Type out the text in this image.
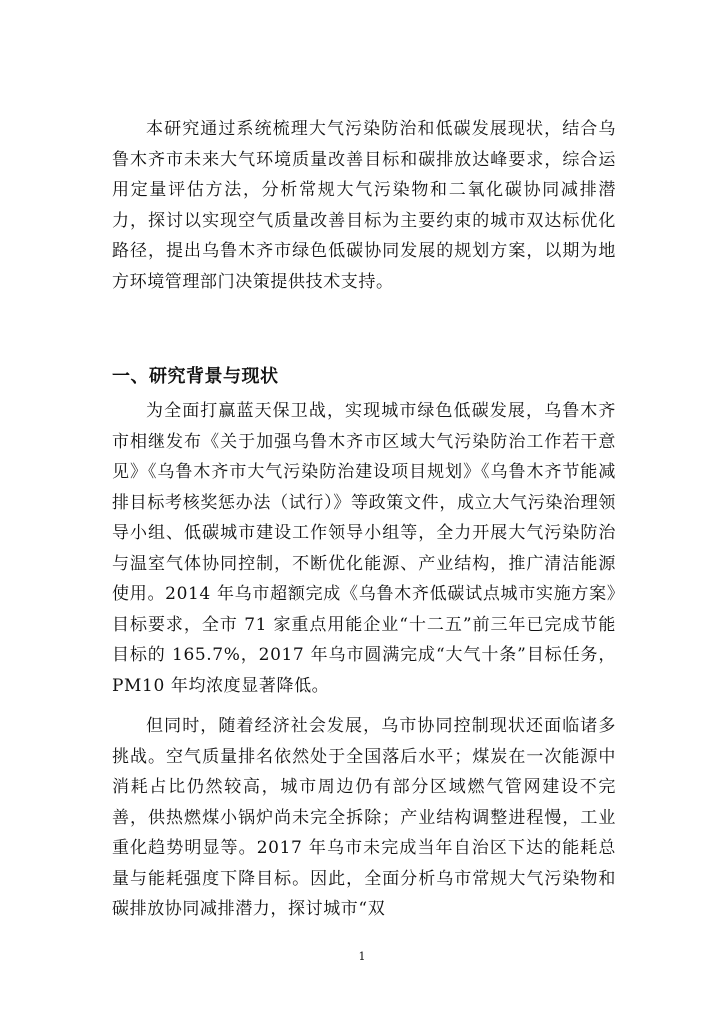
本研究通过系统梳理大气污染防治和低碳发展现状，结合乌鲁木齐市未来大气环境质量改善目标和碳排放达峰要求，综合运用定量评估方法，分析常规大气污染物和二氧化碳协同减排潜力，探讨以实现空气质量改善目标为主要约束的城市双达标优化路径，提出乌鲁木齐市绿色低碳协同发展的规划方案，以期为地方环境管理部门决策提供技术支持。

一、研究背景与现状

为全面打赢蓝天保卫战，实现城市绿色低碳发展，乌鲁木齐市相继发布《关于加强乌鲁木齐市区域大气污染防治工作若干意见》《乌鲁木齐市大气污染防治建设项目规划》《乌鲁木齐节能减排目标考核奖惩办法（试行）》等政策文件，成立大气污染治理领导小组、低碳城市建设工作领导小组等，全力开展大气污染防治与温室气体协同控制，不断优化能源、产业结构，推广清洁能源使用。2014 年乌市超额完成《乌鲁木齐低碳试点城市实施方案》目标要求，全市 71 家重点用能企业“十二五”前三年已完成节能目标的 165.7%，2017 年乌市圆满完成“大气十条”目标任务，PM10 年均浓度显著降低。

但同时，随着经济社会发展，乌市协同控制现状还面临诸多挑战。空气质量排名依然处于全国落后水平；煤炭在一次能源中消耗占比仍然较高，城市周边仍有部分区域燃气管网建设不完善，供热燃煤小锅炉尚未完全拆除；产业结构调整进程慢，工业重化趋势明显等。2017 年乌市未完成当年自治区下达的能耗总量与能耗强度下降目标。因此，全面分析乌市常规大气污染物和碳排放协同减排潜力，探讨城市“双

1
